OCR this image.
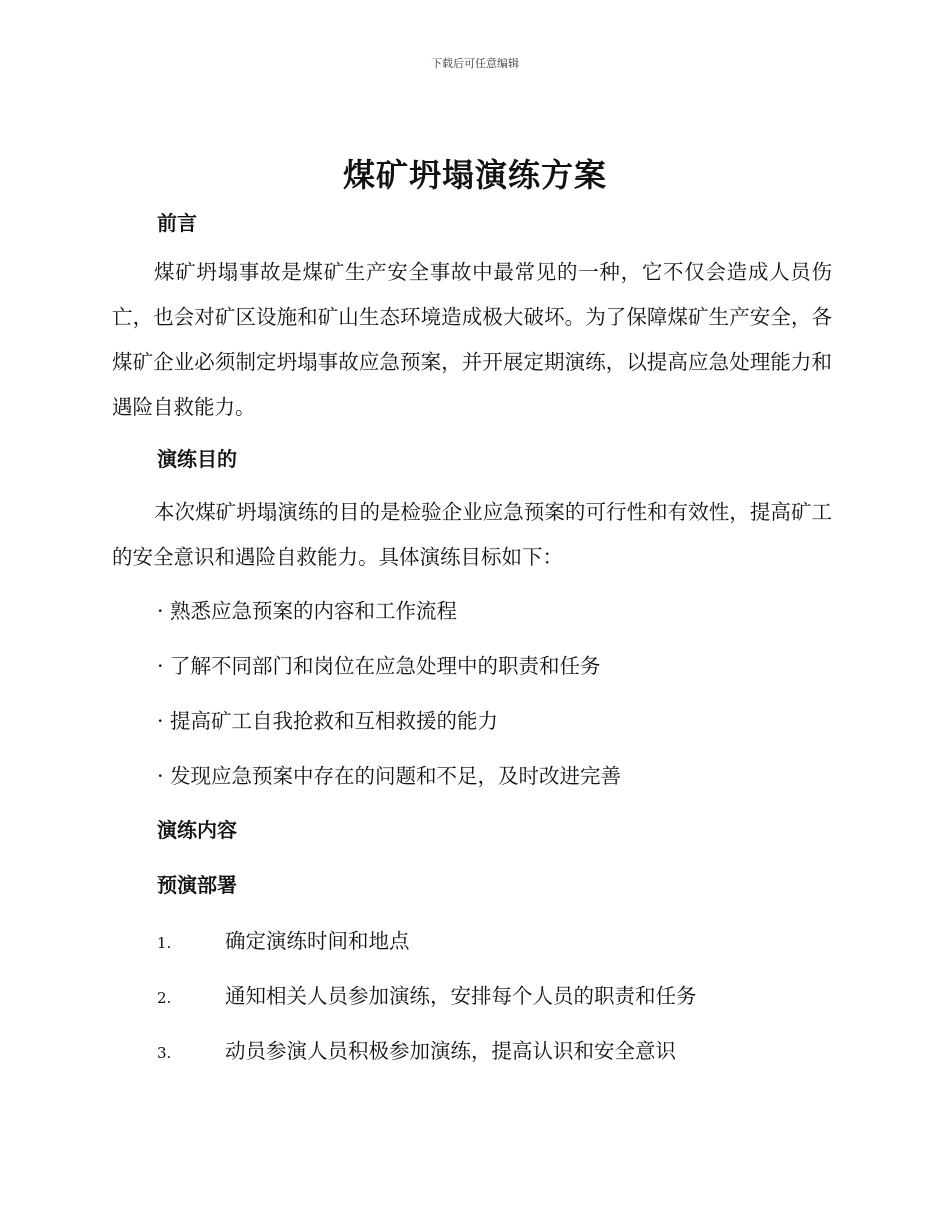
下载后可任意编辑
煤矿坍塌演练方案
前言
煤矿坍塌事故是煤矿生产安全事故中最常见的一种，它不仅会造成人员伤亡，也会对矿区设施和矿山生态环境造成极大破坏。为了保障煤矿生产安全，各煤矿企业必须制定坍塌事故应急预案，并开展定期演练，以提高应急处理能力和遇险自救能力。
演练目的
本次煤矿坍塌演练的目的是检验企业应急预案的可行性和有效性，提高矿工的安全意识和遇险自救能力。具体演练目标如下：
· 熟悉应急预案的内容和工作流程
· 了解不同部门和岗位在应急处理中的职责和任务
· 提高矿工自我抢救和互相救援的能力
· 发现应急预案中存在的问题和不足，及时改进完善
演练内容
预演部署
1.	确定演练时间和地点
2.	通知相关人员参加演练，安排每个人员的职责和任务
3.	动员参演人员积极参加演练，提高认识和安全意识
